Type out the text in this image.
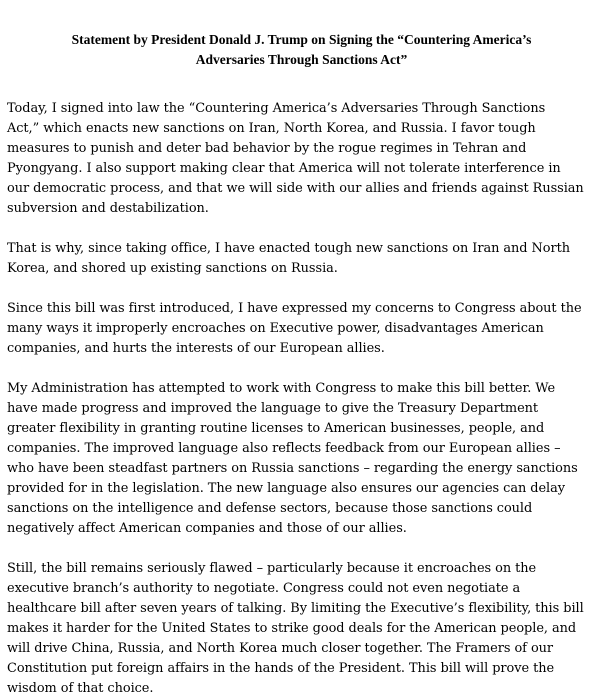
Statement by President Donald J. Trump on Signing the “Countering America’s
Adversaries Through Sanctions Act”

Today, I signed into law the “Countering America’s Adversaries Through Sanctions
Act,” which enacts new sanctions on Iran, North Korea, and Russia. I favor tough
measures to punish and deter bad behavior by the rogue regimes in Tehran and
Pyongyang. I also support making clear that America will not tolerate interference in
our democratic process, and that we will side with our allies and friends against Russian
subversion and destabilization.

That is why, since taking office, I have enacted tough new sanctions on Iran and North
Korea, and shored up existing sanctions on Russia.

Since this bill was first introduced, I have expressed my concerns to Congress about the
many ways it improperly encroaches on Executive power, disadvantages American
companies, and hurts the interests of our European allies.

My Administration has attempted to work with Congress to make this bill better. We
have made progress and improved the language to give the Treasury Department
greater flexibility in granting routine licenses to American businesses, people, and
companies. The improved language also reflects feedback from our European allies –
who have been steadfast partners on Russia sanctions – regarding the energy sanctions
provided for in the legislation. The new language also ensures our agencies can delay
sanctions on the intelligence and defense sectors, because those sanctions could
negatively affect American companies and those of our allies.

Still, the bill remains seriously flawed – particularly because it encroaches on the
executive branch’s authority to negotiate. Congress could not even negotiate a
healthcare bill after seven years of talking. By limiting the Executive’s flexibility, this bill
makes it harder for the United States to strike good deals for the American people, and
will drive China, Russia, and North Korea much closer together. The Framers of our
Constitution put foreign affairs in the hands of the President. This bill will prove the
wisdom of that choice.
